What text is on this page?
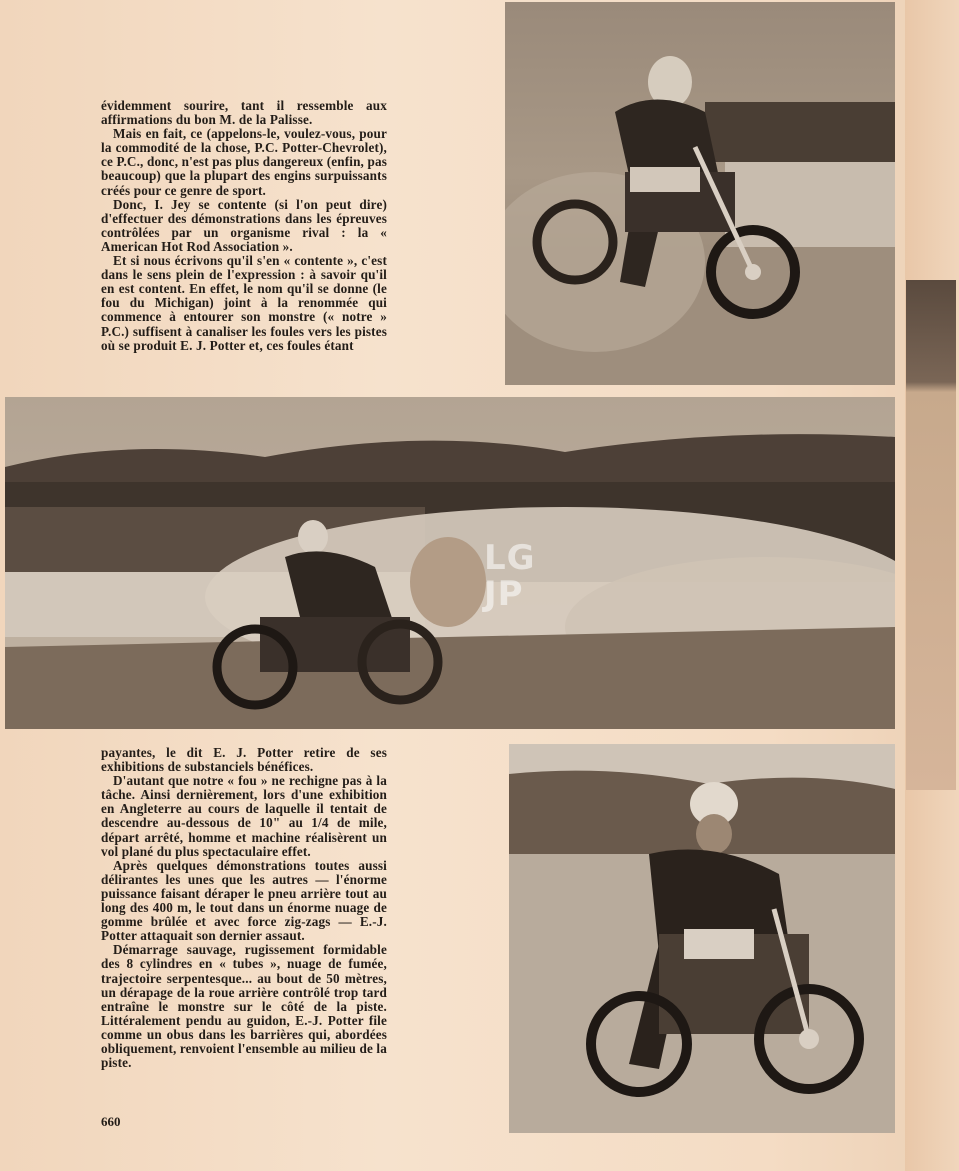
LG
JP

évidemment sourire, tant il ressemble aux affirmations du bon M. de la Palisse.

Mais en fait, ce (appelons-le, voulez-vous, pour la commodité de la chose, P.C. Potter-Chevrolet), ce P.C., donc, n'est pas plus dangereux (enfin, pas beaucoup) que la plupart des engins surpuissants créés pour ce genre de sport.

Donc, I. Jey se contente (si l'on peut dire) d'effectuer des démonstrations dans les épreuves contrôlées par un organisme rival : la « American Hot Rod Association ».

Et si nous écrivons qu'il s'en « contente », c'est dans le sens plein de l'expression : à savoir qu'il en est content. En effet, le nom qu'il se donne (le fou du Michigan) joint à la renommée qui commence à entourer son monstre (« notre » P.C.) suffisent à canaliser les foules vers les pistes où se produit E. J. Potter et, ces foules étant

payantes, le dit E. J. Potter retire de ses exhibitions de substanciels bénéfices.

D'autant que notre « fou » ne rechigne pas à la tâche. Ainsi dernièrement, lors d'une exhibition en Angleterre au cours de laquelle il tentait de descendre au-dessous de 10" au 1/4 de mile, départ arrêté, homme et machine réalisèrent un vol plané du plus spectaculaire effet.

Après quelques démonstrations toutes aussi délirantes les unes que les autres — l'énorme puissance faisant déraper le pneu arrière tout au long des 400 m, le tout dans un énorme nuage de gomme brûlée et avec force zig-zags — E.-J. Potter attaquait son dernier assaut.

Démarrage sauvage, rugissement formidable des 8 cylindres en « tubes », nuage de fumée, trajectoire serpentesque... au bout de 50 mètres, un dérapage de la roue arrière contrôlé trop tard entraîne le monstre sur le côté de la piste. Littéralement pendu au guidon, E.-J. Potter file comme un obus dans les barrières qui, abordées obliquement, renvoient l'ensemble au milieu de la piste.

660
